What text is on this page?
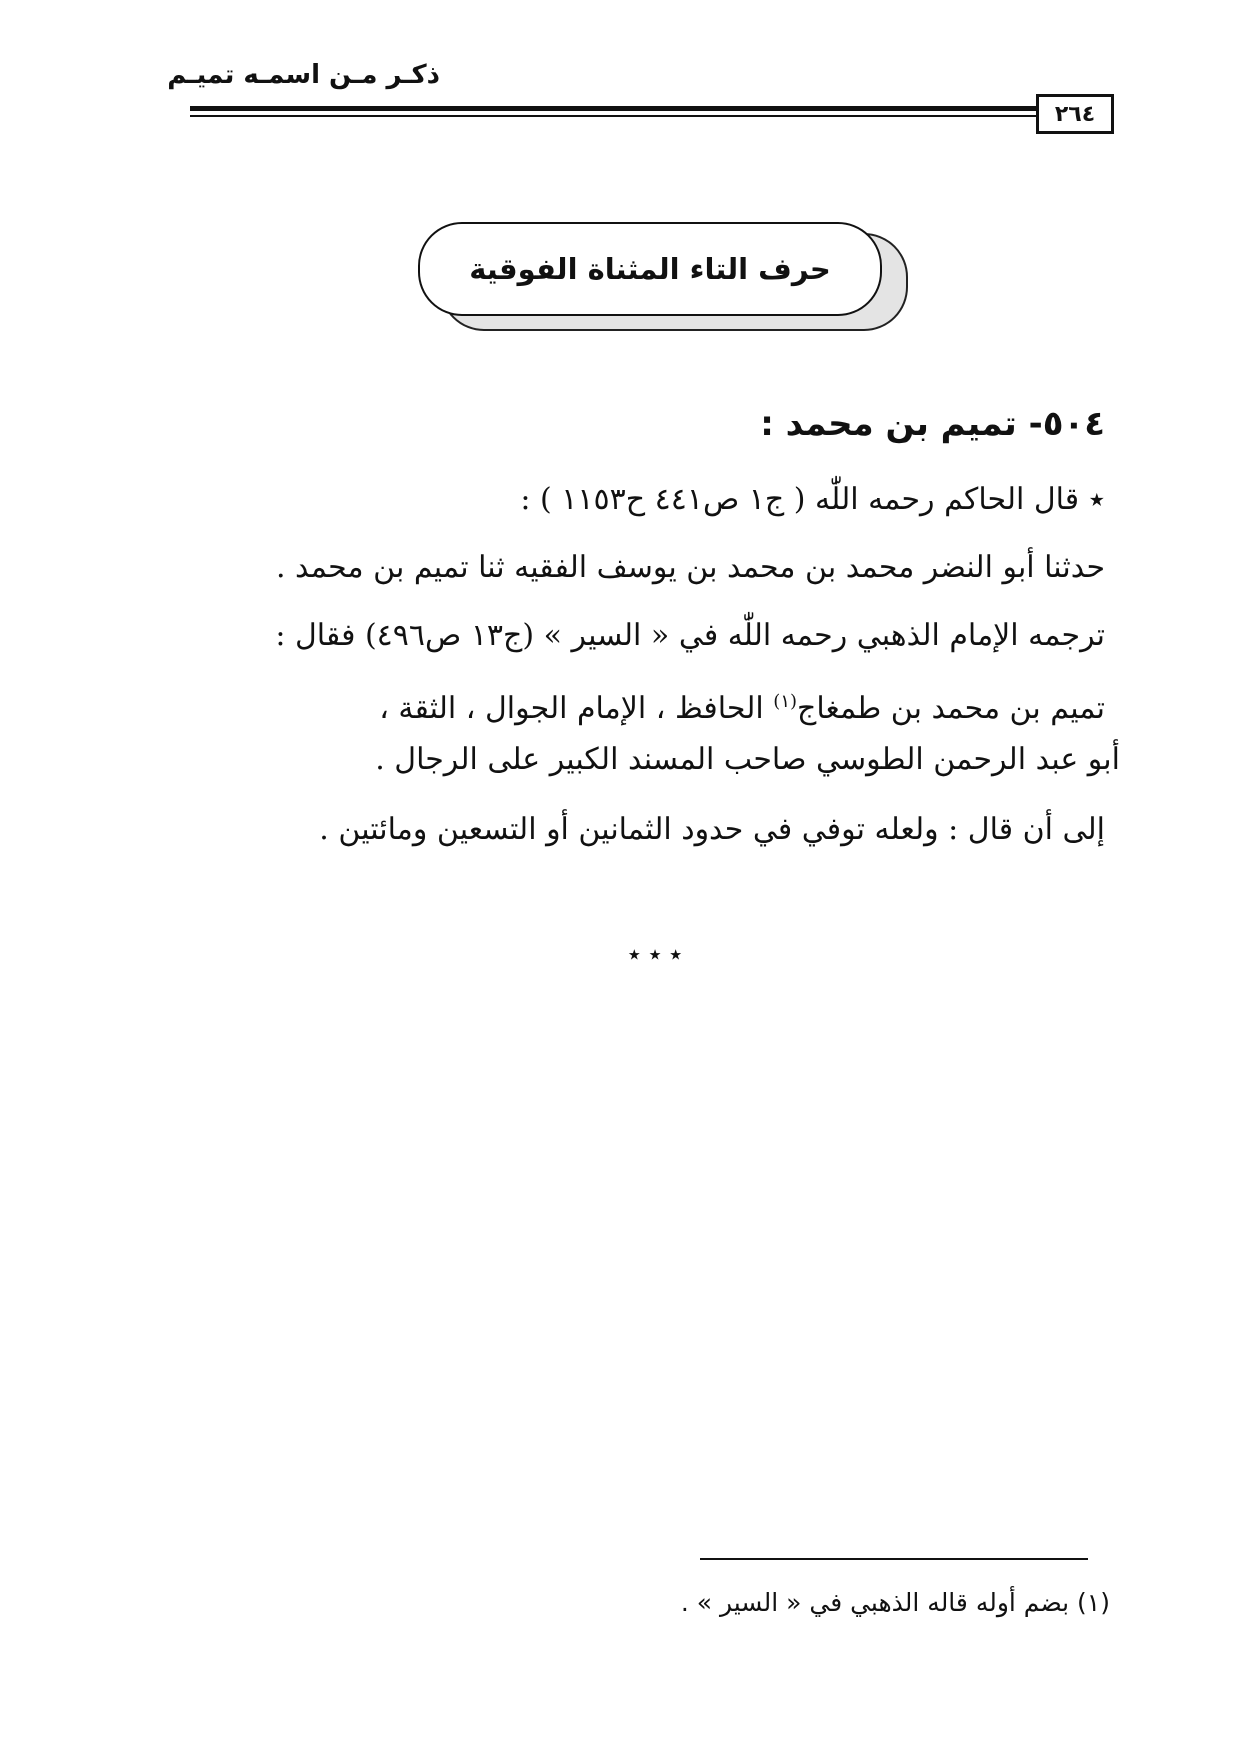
ذكـر مـن اسمـه تميـم
٢٦٤
حرف التاء المثناة الفوقية
٥٠٤- تميم بن محمد :
٭ قال الحاكم رحمه اللّٰه ( ج١ ص٤٤١ ح١١٥٣ ) :
حدثنا أبو النضر محمد بن محمد بن يوسف الفقيه ثنا تميم بن محمد .
ترجمه الإمام الذهبي رحمه اللّٰه في « السير » (ج١٣ ص٤٩٦) فقال :
تميم بن محمد بن طمغاج$^{(١)}$ الحافظ ، الإمام الجوال ، الثقة ،
أبو عبد الرحمن الطوسي صاحب المسند الكبير على الرجال .
إلى أن قال : ولعله توفي في حدود الثمانين أو التسعين ومائتين .
٭ ٭ ٭
(١) بضم أوله قاله الذهبي في « السير » .
